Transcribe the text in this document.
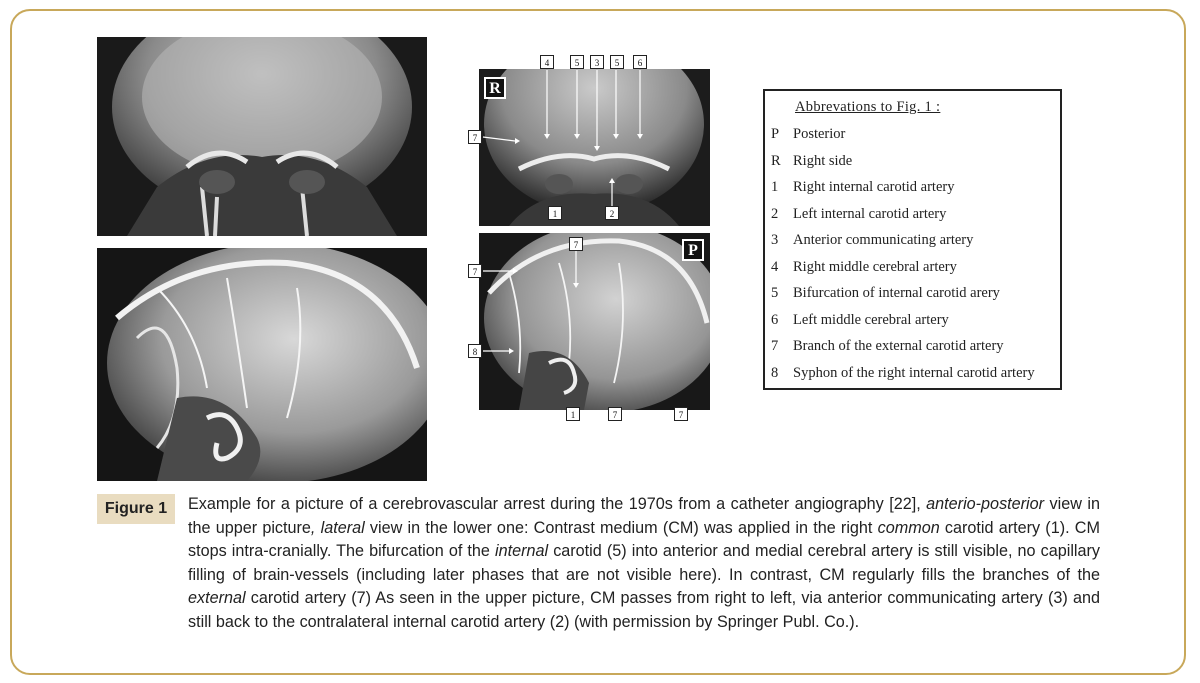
4	5	3	5	6
R
7
1	2
7	P
7
8
1	7	7
Abbrevations to Fig. 1 :
P Posterior
R Right side
1 Right internal carotid artery
2 Left internal carotid artery
3 Anterior communicating artery
4 Right middle cerebral artery
5 Bifurcation of internal carotid arery
6 Left middle cerebral artery
7 Branch of the external carotid artery
8 Syphon of the right internal carotid artery
Figure 1	Example for a picture of a cerebrovascular arrest during the 1970s from a catheter angiography [22], anterio-posterior view in the upper picture, lateral view in the lower one: Contrast medium (CM) was applied in the right common carotid artery (1). CM stops intra-cranially. The bifurcation of the internal carotid (5) into anterior and medial cerebral artery is still visible, no capillary filling of brain-vessels (including later phases that are not visible here). In contrast, CM regularly fills the branches of the external carotid artery (7) As seen in the upper picture, CM passes from right to left, via anterior communicating artery (3) and still back to the contralateral internal carotid artery (2) (with permission by Springer Publ. Co.).
